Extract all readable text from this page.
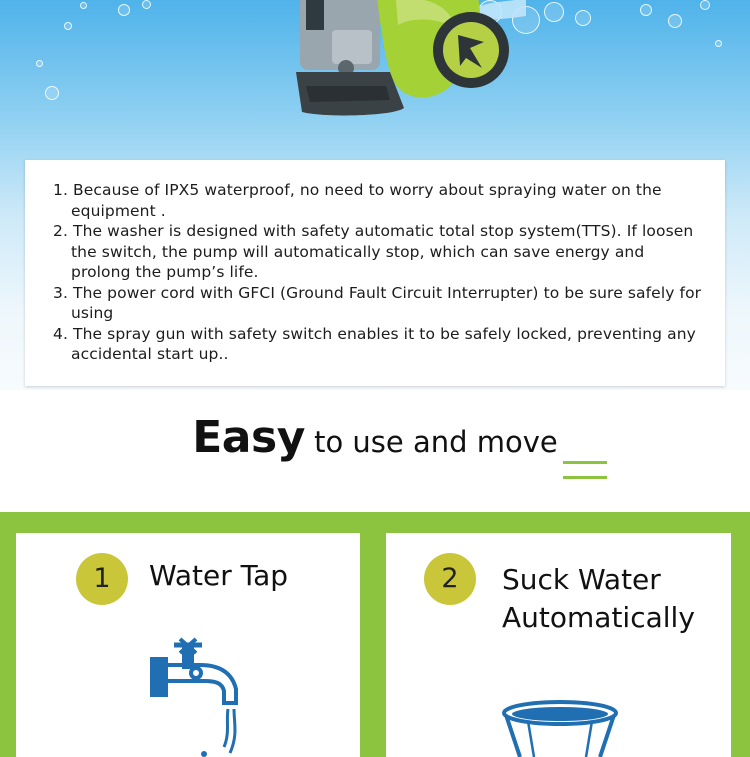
1. Because of IPX5 waterproof, no need to worry about spraying water on the equipment .
2. The washer is designed with safety automatic total stop system(TTS). If loosen the switch, the pump will automatically stop, which can save energy and prolong the pump’s life.
3. The power cord with GFCI (Ground Fault Circuit Interrupter) to be sure safely for using
4. The spray gun with safety switch enables it to be safely locked, preventing any accidental start up..
Easy to use and move
1	Water Tap	2	Suck Water Automatically
